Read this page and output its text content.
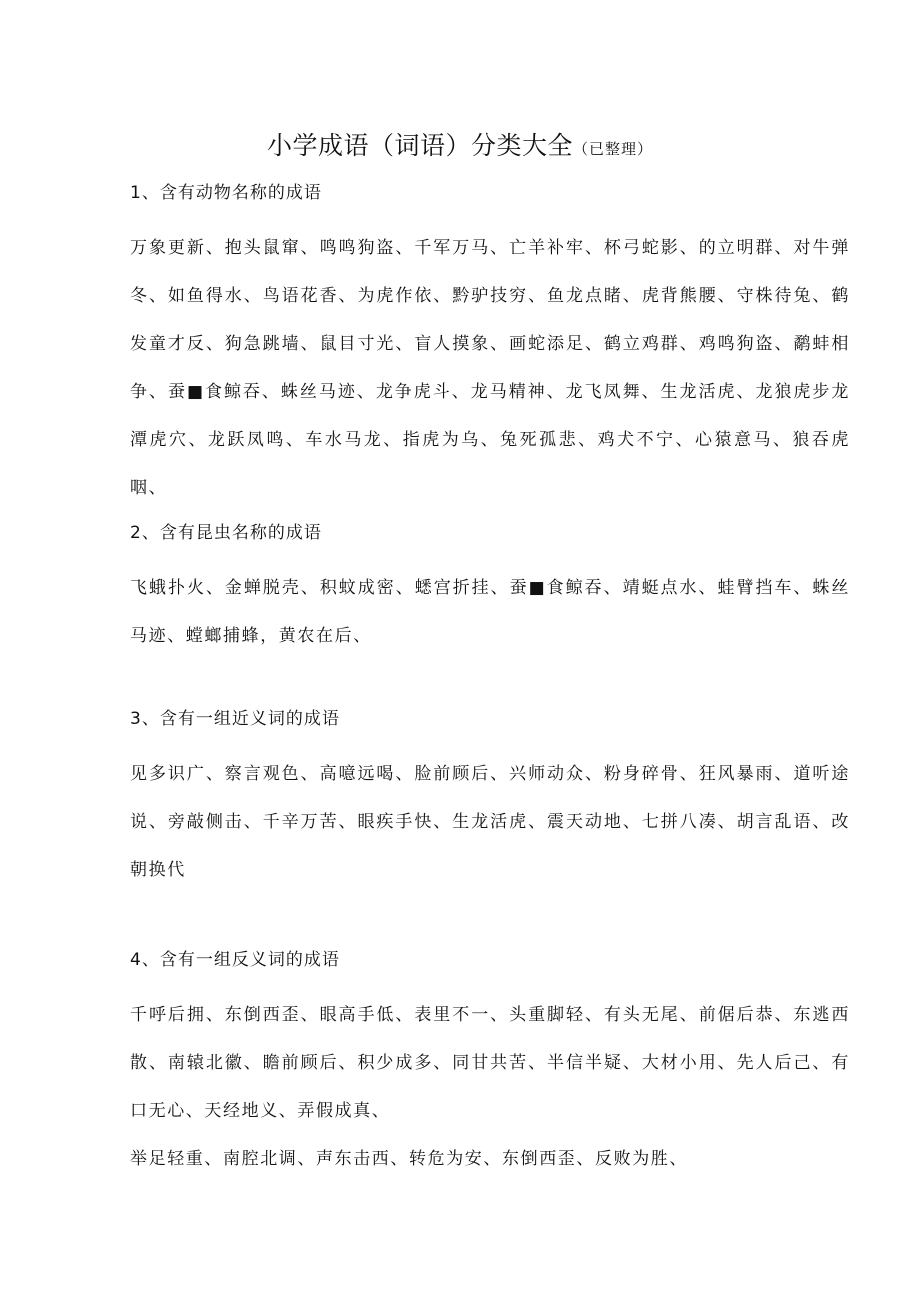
小学成语（词语）分类大全（已整理）
1、含有动物名称的成语
万象更新、抱头鼠窜、鸣鸣狗盗、千军万马、亡羊补牢、杯弓蛇影、的立明群、对牛弹冬、如鱼得水、鸟语花香、为虎作依、黔驴技穷、鱼龙点睹、虎背熊腰、守株待兔、鹤发童才反、狗急跳墙、鼠目寸光、盲人摸象、画蛇添足、鹤立鸡群、鸡鸣狗盗、鹬蚌相争、蚕■食鲸吞、蛛丝马迹、龙争虎斗、龙马精神、龙飞凤舞、生龙活虎、龙狼虎步龙潭虎穴、龙跃凤鸣、车水马龙、指虎为乌、兔死孤悲、鸡犬不宁、心猿意马、狼吞虎咽、
2、含有昆虫名称的成语
飞蛾扑火、金蝉脱壳、积蚊成密、蟋宫折挂、蚕■食鲸吞、靖蜓点水、蛙臂挡车、蛛丝马迹、螳螂捕蜂，黄农在后、
3、含有一组近义词的成语
见多识广、察言观色、高噫远喝、脸前顾后、兴师动众、粉身碎骨、狂风暴雨、道听途说、旁敲侧击、千辛万苦、眼疾手快、生龙活虎、震天动地、七拼八凑、胡言乱语、改朝换代
4、含有一组反义词的成语
千呼后拥、东倒西歪、眼高手低、表里不一、头重脚轻、有头无尾、前倨后恭、东逃西散、南辕北徽、瞻前顾后、积少成多、同甘共苦、半信半疑、大材小用、先人后己、有口无心、天经地义、弄假成真、
举足轻重、南腔北调、声东击西、转危为安、东倒西歪、反败为胜、
